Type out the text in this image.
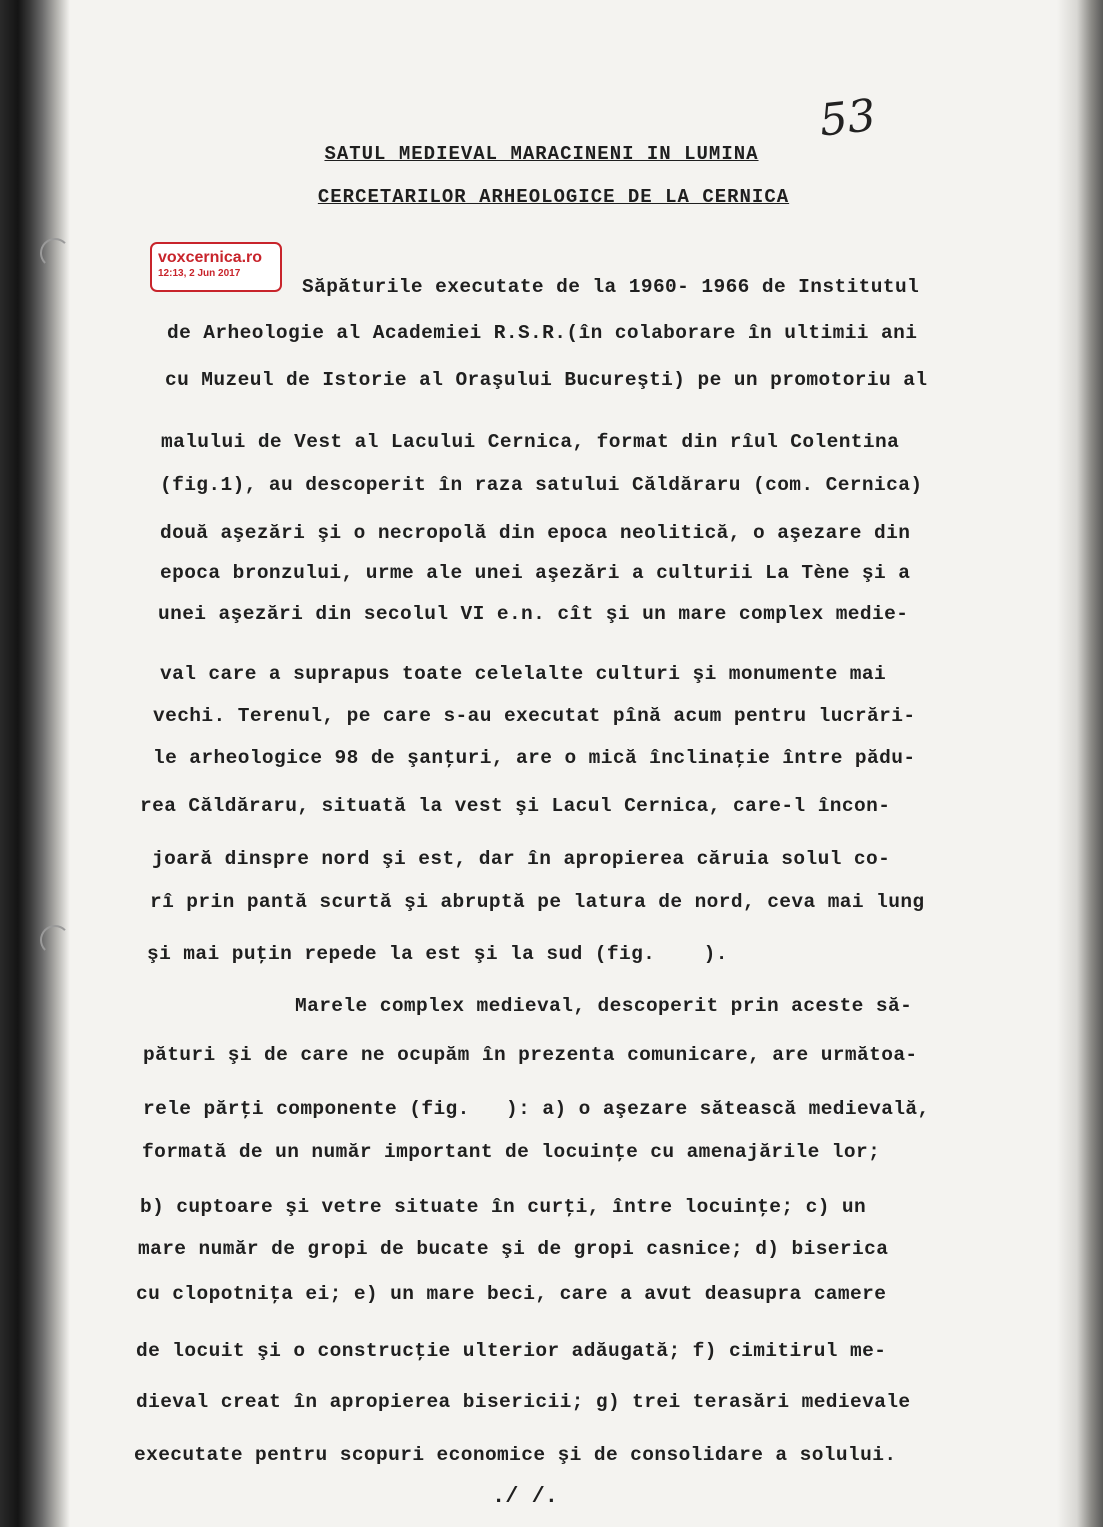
53
SATUL MEDIEVAL MARACINENI IN LUMINA
CERCETARILOR ARHEOLOGICE DE LA CERNICA
voxcernica.ro
12:13, 2 Jun 2017
Săpăturile executate de la 1960- 1966 de Institutul
de Arheologie al Academiei R.S.R.(în colaborare în ultimii ani
cu Muzeul de Istorie al Oraşului Bucureşti) pe un promotoriu al
malului de Vest al Lacului Cernica, format din rîul Colentina
(fig.1), au descoperit în raza satului Căldăraru (com. Cernica)
două aşezări şi o necropolă din epoca neolitică, o aşezare din
epoca bronzului, urme ale unei aşezări a culturii La Tène şi a
unei aşezări din secolul VI e.n. cît şi un mare complex medie-
val care a suprapus toate celelalte culturi şi monumente mai
vechi. Terenul, pe care s-au executat pînă acum pentru lucrări-
le arheologice 98 de şanţuri, are o mică înclinaţie între pădu-
rea Căldăraru, situată la vest şi Lacul Cernica, care-l încon-
joară dinspre nord şi est, dar în apropierea căruia solul co-
rî prin pantă scurtă şi abruptă pe latura de nord, ceva mai lung
şi mai puţin repede la est şi la sud (fig.    ).
Marele complex medieval, descoperit prin aceste să-
pături şi de care ne ocupăm în prezenta comunicare, are următoa-
rele părţi componente (fig.   ): a) o aşezare sătească medievală,
formată de un număr important de locuinţe cu amenajările lor;
b) cuptoare şi vetre situate în curţi, între locuinţe; c) un
mare număr de gropi de bucate şi de gropi casnice; d) biserica
cu clopotniţa ei; e) un mare beci, care a avut deasupra camere
de locuit şi o construcţie ulterior adăugată; f) cimitirul me-
dieval creat în apropierea bisericii; g) trei terasări medievale
executate pentru scopuri economice şi de consolidare a solului.
./ /.
